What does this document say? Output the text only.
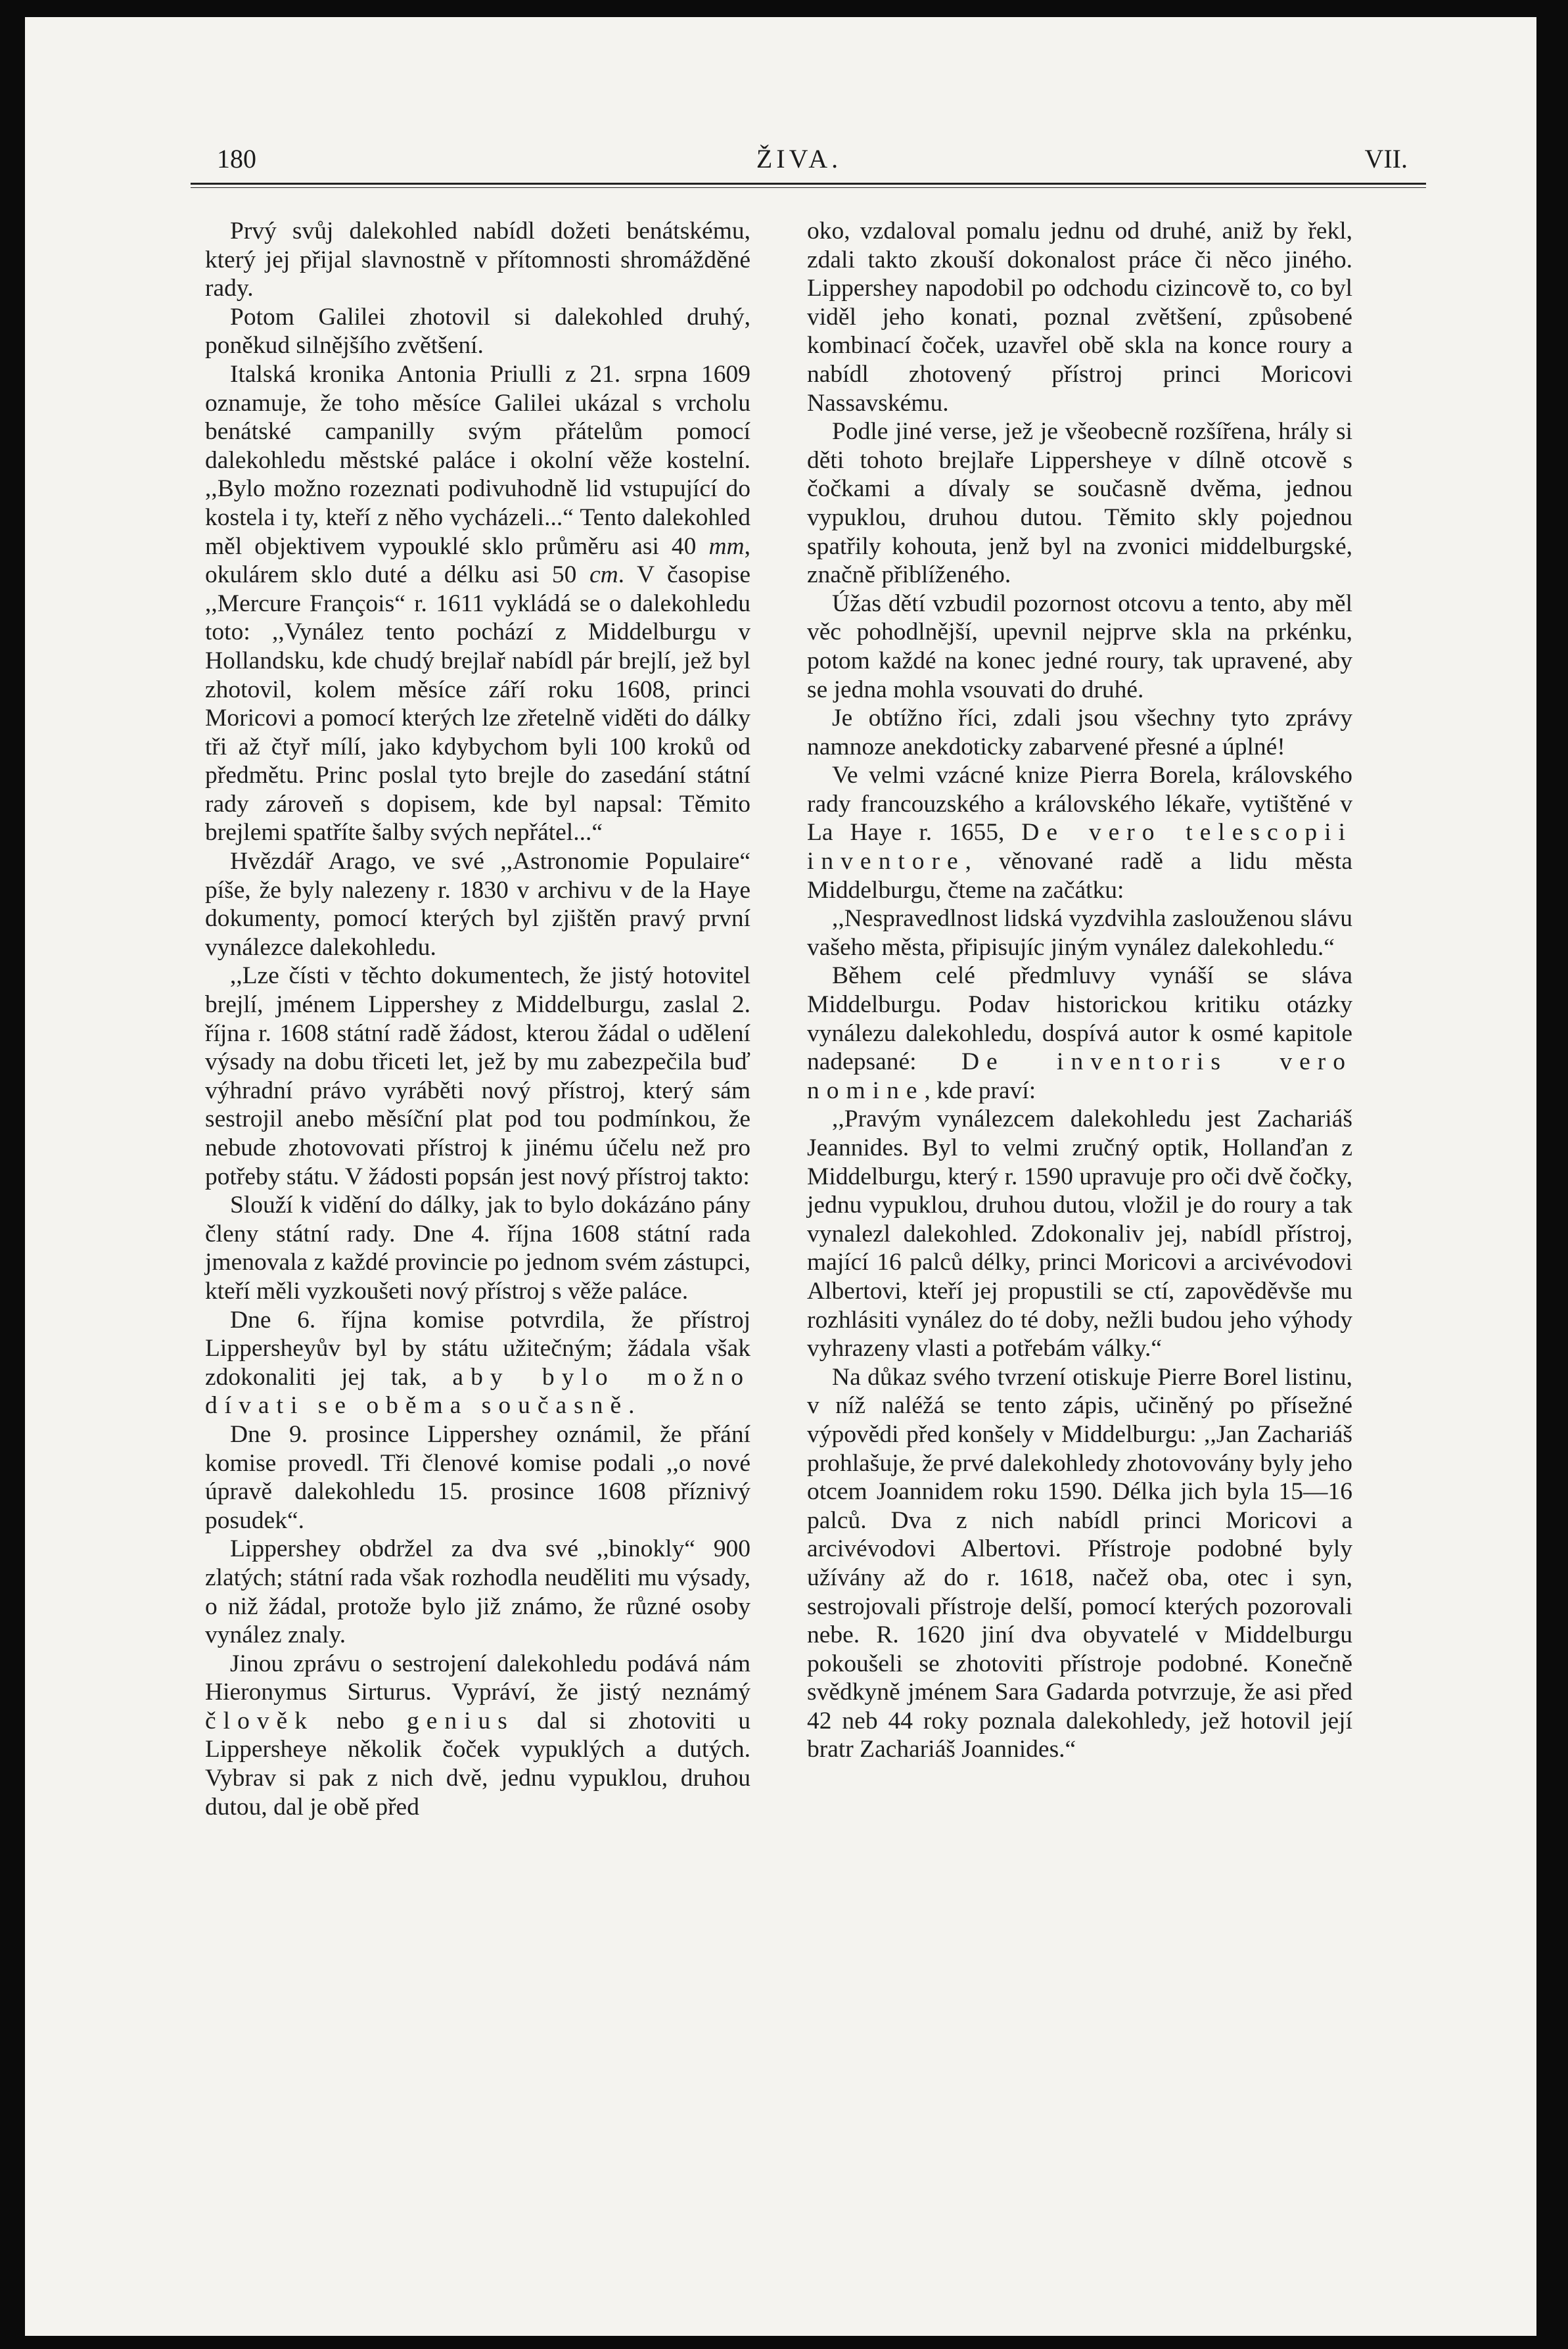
180	ŽIVA.	VII.

Prvý svůj dalekohled nabídl dožeti benátskému, který jej přijal slavnostně v přítomnosti shromážděné rady.

Potom Galilei zhotovil si dalekohled druhý, poněkud silnějšího zvětšení.

Italská kronika Antonia Priulli z 21. srpna 1609 oznamuje, že toho měsíce Galilei ukázal s vrcholu benátské campanilly svým přátelům pomocí dalekohledu městské paláce i okolní věže kostelní. ,,Bylo možno rozeznati podivuhodně lid vstupující do kostela i ty, kteří z něho vycházeli...“ Tento dalekohled měl objektivem vypouklé sklo průměru asi 40 mm, okulárem sklo duté a délku asi 50 cm. V časopise ,,Mercure François“ r. 1611 vykládá se o dalekohledu toto: ,,Vynález tento pochází z Middelburgu v Hollandsku, kde chudý brejlař nabídl pár brejlí, jež byl zhotovil, kolem měsíce září roku 1608, princi Moricovi a pomocí kterých lze zřetelně viděti do dálky tři až čtyř mílí, jako kdybychom byli 100 kroků od předmětu. Princ poslal tyto brejle do zasedání státní rady zároveň s dopisem, kde byl napsal: Těmito brejlemi spatříte šalby svých nepřátel...“

Hvězdář Arago, ve své ,,Astronomie Populaire“ píše, že byly nalezeny r. 1830 v archivu v de la Haye dokumenty, pomocí kterých byl zjištěn pravý první vynálezce dalekohledu.

,,Lze čísti v těchto dokumentech, že jistý hotovitel brejlí, jménem Lippershey z Middelburgu, zaslal 2. října r. 1608 státní radě žádost, kterou žádal o udělení výsady na dobu třiceti let, jež by mu zabezpečila buď výhradní právo vyráběti nový přístroj, který sám sestrojil anebo měsíční plat pod tou podmínkou, že nebude zhotovovati přístroj k jinému účelu než pro potřeby státu. V žádosti popsán jest nový přístroj takto:

Slouží k vidění do dálky, jak to bylo dokázáno pány členy státní rady. Dne 4. října 1608 státní rada jmenovala z každé provincie po jednom svém zástupci, kteří měli vyzkoušeti nový přístroj s věže paláce.

Dne 6. října komise potvrdila, že přístroj Lippersheyův byl by státu užitečným; žádala však zdokonaliti jej tak, aby bylo možno dívati se oběma současně.

Dne 9. prosince Lippershey oznámil, že přání komise provedl. Tři členové komise podali ,,o nové úpravě dalekohledu 15. prosince 1608 příznivý posudek“.

Lippershey obdržel za dva své ,,binokly“ 900 zlatých; státní rada však rozhodla neuděliti mu výsady, o niž žádal, protože bylo již známo, že různé osoby vynález znaly.

Jinou zprávu o sestrojení dalekohledu podává nám Hieronymus Sirturus. Vypráví, že jistý neznámý člověk nebo genius dal si zhotoviti u Lippersheye několik čoček vypuklých a dutých. Vybrav si pak z nich dvě, jednu vypuklou, druhou dutou, dal je obě před

oko, vzdaloval pomalu jednu od druhé, aniž by řekl, zdali takto zkouší dokonalost práce či něco jiného. Lippershey napodobil po odchodu cizincově to, co byl viděl jeho konati, poznal zvětšení, způsobené kombinací čoček, uzavřel obě skla na konce roury a nabídl zhotovený přístroj princi Moricovi Nassavskému.

Podle jiné verse, jež je všeobecně rozšířena, hrály si děti tohoto brejlaře Lippersheye v dílně otcově s čočkami a dívaly se současně dvěma, jednou vypuklou, druhou dutou. Těmito skly pojednou spatřily kohouta, jenž byl na zvonici middelburgské, značně přiblíženého.

Úžas dětí vzbudil pozornost otcovu a tento, aby měl věc pohodlnější, upevnil nejprve skla na prkénku, potom každé na konec jedné roury, tak upravené, aby se jedna mohla vsouvati do druhé.

Je obtížno říci, zdali jsou všechny tyto zprávy namnoze anekdoticky zabarvené přesné a úplné!

Ve velmi vzácné knize Pierra Borela, královského rady francouzského a královského lékaře, vytištěné v La Haye r. 1655, De vero telescopii inventore, věnované radě a lidu města Middelburgu, čteme na začátku:

,,Nespravedlnost lidská vyzdvihla zaslouženou slávu vašeho města, připisujíc jiným vynález dalekohledu.“

Během celé předmluvy vynáší se sláva Middelburgu. Podav historickou kritiku otázky vynálezu dalekohledu, dospívá autor k osmé kapitole nadepsané: De inventoris vero nomine, kde praví:

,,Pravým vynálezcem dalekohledu jest Zachariáš Jeannides. Byl to velmi zručný optik, Hollanďan z Middelburgu, který r. 1590 upravuje pro oči dvě čočky, jednu vypuklou, druhou dutou, vložil je do roury a tak vynalezl dalekohled. Zdokonaliv jej, nabídl přístroj, mající 16 palců délky, princi Moricovi a arcivévodovi Albertovi, kteří jej propustili se ctí, zapověděvše mu rozhlásiti vynález do té doby, nežli budou jeho výhody vyhrazeny vlasti a potřebám války.“

Na důkaz svého tvrzení otiskuje Pierre Borel listinu, v níž naléžá se tento zápis, učiněný po přísežné výpovědi před konšely v Middelburgu: ,,Jan Zachariáš prohlašuje, že prvé dalekohledy zhotovovány byly jeho otcem Joannidem roku 1590. Délka jich byla 15—16 palců. Dva z nich nabídl princi Moricovi a arcivévodovi Albertovi. Přístroje podobné byly užívány až do r. 1618, načež oba, otec i syn, sestrojovali přístroje delší, pomocí kterých pozorovali nebe. R. 1620 jiní dva obyvatelé v Middelburgu pokoušeli se zhotoviti přístroje podobné. Konečně svědkyně jménem Sara Gadarda potvrzuje, že asi před 42 neb 44 roky poznala dalekohledy, jež hotovil její bratr Zachariáš Joannides.“
